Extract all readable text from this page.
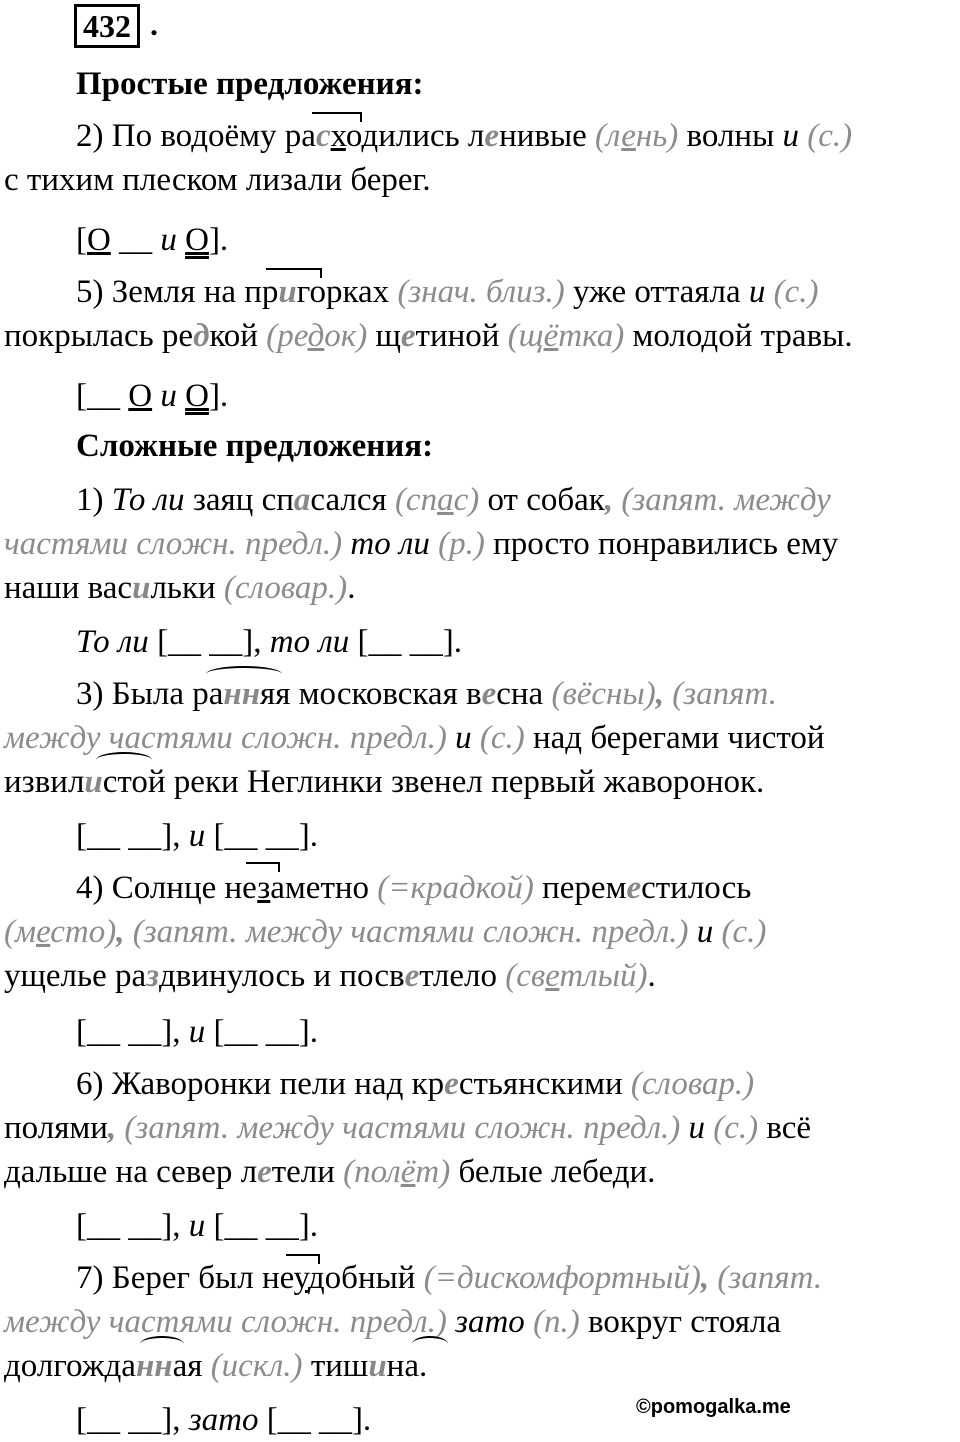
432 .
Простые предложения:
Сложные предложения:
2) По водоёму расходились ленивые (лень) волны и (с.)
с тихим плеском лизали берег.
[О __ и О].
5) Земля на пригорках (знач. близ.) уже оттаяла и (с.)
покрылась редкой (редок) щетиной (щётка) молодой травы.
[__ О и О].
1) То ли заяц спасался (спас) от собак, (запят. между
частями сложн. предл.) то ли (р.) просто понравились ему
наши васильки (словар.).
То ли [__ __], то ли [__ __].
3) Была ранняя московская весна (вёсны), (запят.
между частями сложн. предл.) и (с.) над берегами чистой
извилистой реки Неглинки звенел первый жаворонок.
[__ __], и [__ __].
4) Солнце незаметно (=крадкой) переместилось
(место), (запят. между частями сложн. предл.) и (с.)
ущелье раздвинулось и посветлело (светлый).
[__ __], и [__ __].
6) Жаворонки пели над крестьянскими (словар.)
полями, (запят. между частями сложн. предл.) и (с.) всё
дальше на север летели (полёт) белые лебеди.
[__ __], и [__ __].
7) Берег был неудобный (=дискомфортный), (запят.
между частями сложн. предл.) зато (п.) вокруг стояла
долгожданная (искл.) тишина.
[__ __], зато [__ __].	©pomogalka.me
